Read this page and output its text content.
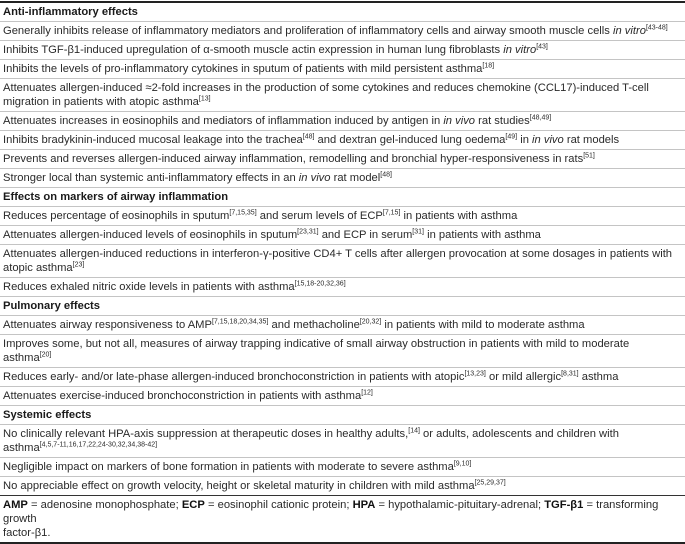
Anti-inflammatory effects
Generally inhibits release of inflammatory mediators and proliferation of inflammatory cells and airway smooth muscle cells in vitro[43-48]
Inhibits TGF-β1-induced upregulation of α-smooth muscle actin expression in human lung fibroblasts in vitro[43]
Inhibits the levels of pro-inflammatory cytokines in sputum of patients with mild persistent asthma[18]
Attenuates allergen-induced ≈2-fold increases in the production of some cytokines and reduces chemokine (CCL17)-induced T-cell
migration in patients with atopic asthma[13]
Attenuates increases in eosinophils and mediators of inflammation induced by antigen in in vivo rat studies[48,49]
Inhibits bradykinin-induced mucosal leakage into the trachea[48] and dextran gel-induced lung oedema[49] in in vivo rat models
Prevents and reverses allergen-induced airway inflammation, remodelling and bronchial hyper-responsiveness in rats[51]
Stronger local than systemic anti-inflammatory effects in an in vivo rat model[48]
Effects on markers of airway inflammation
Reduces percentage of eosinophils in sputum[7,15,35] and serum levels of ECP[7,15] in patients with asthma
Attenuates allergen-induced levels of eosinophils in sputum[23,31] and ECP in serum[31] in patients with asthma
Attenuates allergen-induced reductions in interferon-γ-positive CD4+ T cells after allergen provocation at some dosages in patients with
atopic asthma[23]
Reduces exhaled nitric oxide levels in patients with asthma[15,18-20,32,36]
Pulmonary effects
Attenuates airway responsiveness to AMP[7,15,18,20,34,35] and methacholine[20,32] in patients with mild to moderate asthma
Improves some, but not all, measures of airway trapping indicative of small airway obstruction in patients with mild to moderate
asthma[20]
Reduces early- and/or late-phase allergen-induced bronchoconstriction in patients with atopic[13,23] or mild allergic[8,31] asthma
Attenuates exercise-induced bronchoconstriction in patients with asthma[12]
Systemic effects
No clinically relevant HPA-axis suppression at therapeutic doses in healthy adults,[14] or adults, adolescents and children with
asthma[4,5,7-11,16,17,22,24-30,32,34,38-42]
Negligible impact on markers of bone formation in patients with moderate to severe asthma[9,10]
No appreciable effect on growth velocity, height or skeletal maturity in children with mild asthma[25,29,37]
AMP = adenosine monophosphate; ECP = eosinophil cationic protein; HPA = hypothalamic-pituitary-adrenal; TGF-β1 = transforming growth
factor-β1.
